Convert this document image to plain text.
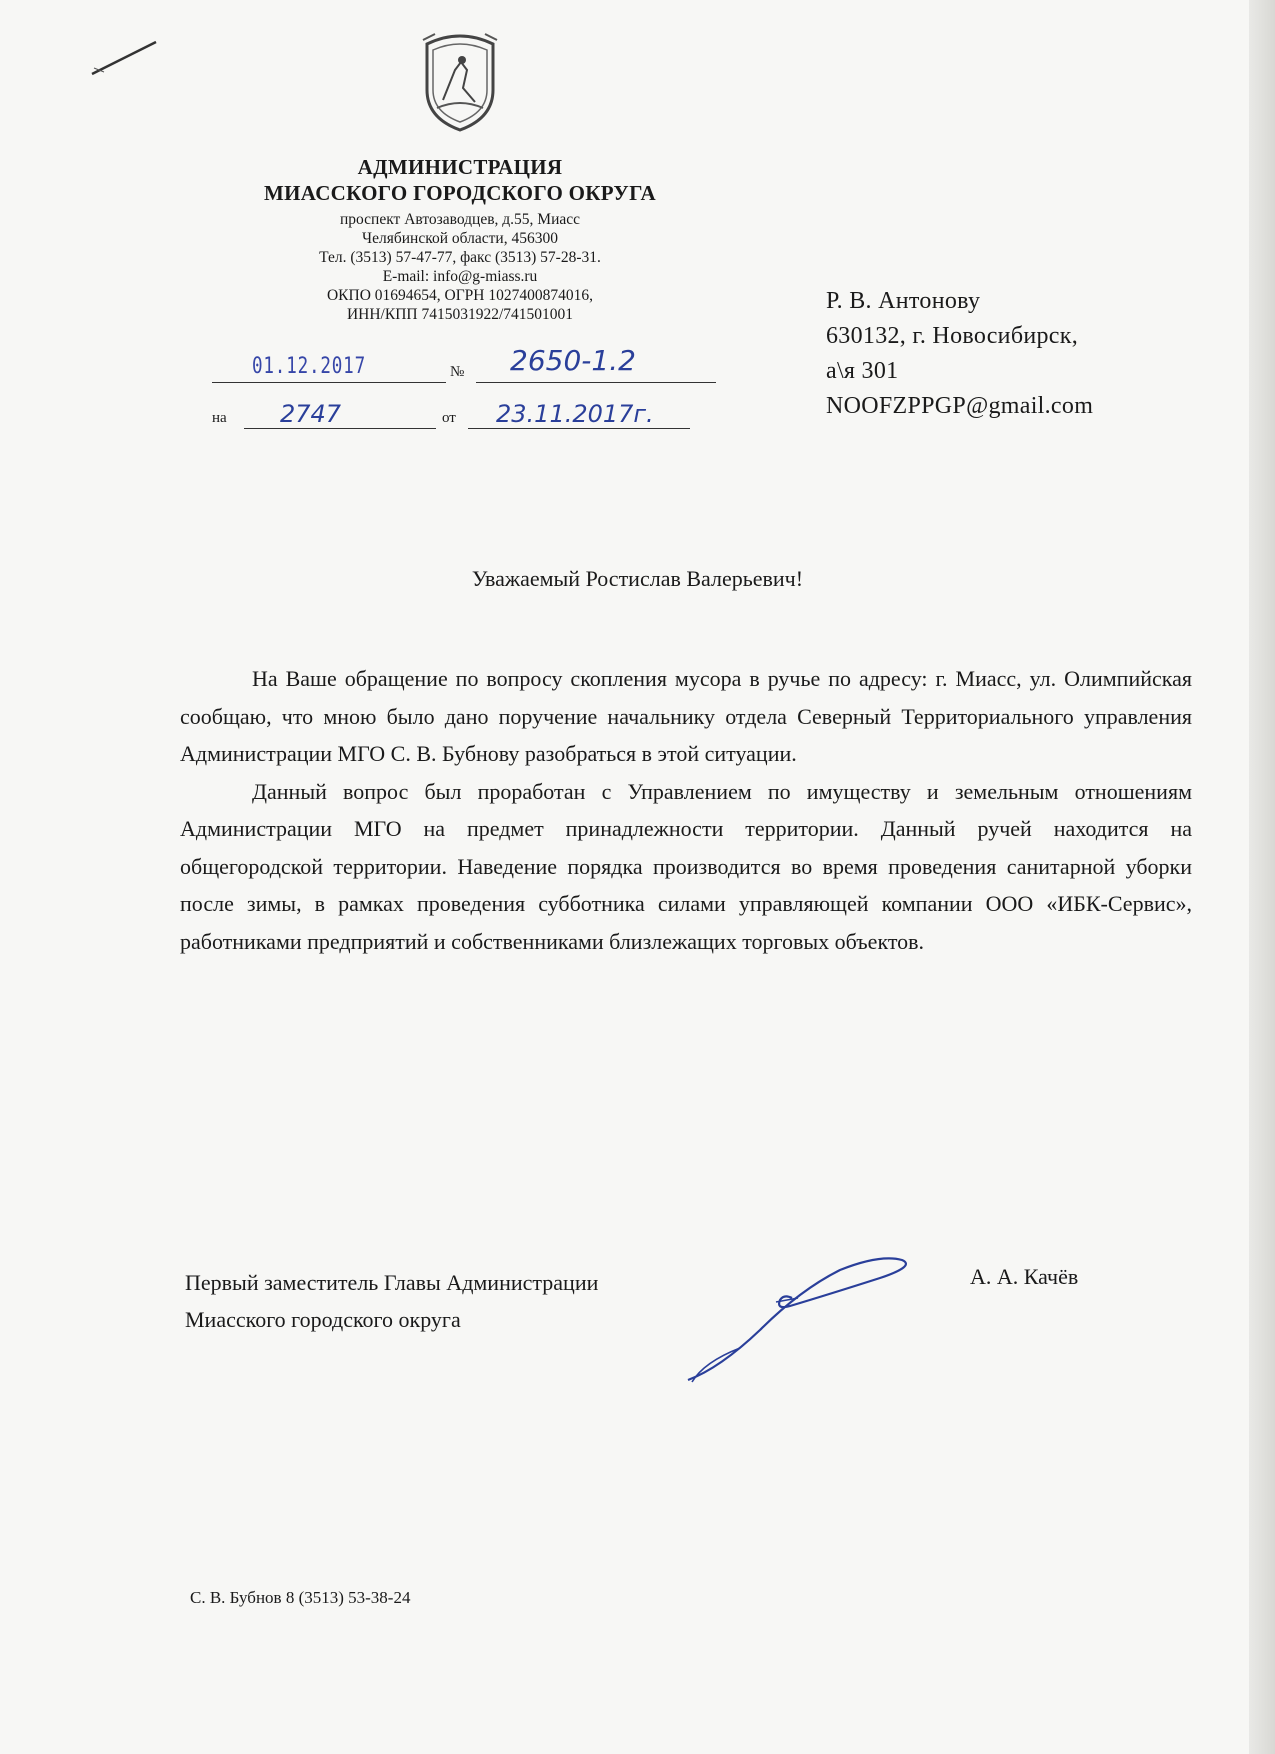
АДМИНИСТРАЦИЯ
МИАССКОГО ГОРОДСКОГО ОКРУГА
проспект Автозаводцев, д.55, Миасс
Челябинской области, 456300
Тел. (3513) 57-47-77, факс (3513) 57-28-31.
E-mail: info@g-miass.ru
ОКПО 01694654, ОГРН 1027400874016,
ИНН/КПП 7415031922/741501001
01.12.2017	№ 2650-1.2
на 2747	от 23.11.2017г.
Р. В. Антонову
630132, г. Новосибирск,
а\я 301
NOOFZPPGP@gmail.com
Уважаемый Ростислав Валерьевич!

На Ваше обращение по вопросу скопления мусора в ручье по адресу: г. Миасс, ул. Олимпийская сообщаю, что мною было дано поручение начальнику отдела Северный Территориального управления Администрации МГО С. В. Бубнову разобраться в этой ситуации.

Данный вопрос был проработан с Управлением по имуществу и земельным отношениям Администрации МГО на предмет принадлежности территории. Данный ручей находится на общегородской территории. Наведение порядка производится во время проведения санитарной уборки после зимы, в рамках проведения субботника силами управляющей компании ООО «ИБК-Сервис», работниками предприятий и собственниками близлежащих торговых объектов.

Первый заместитель Главы Администрации
Миасского городского округа
А. А. Качёв
С. В. Бубнов 8 (3513) 53-38-24
